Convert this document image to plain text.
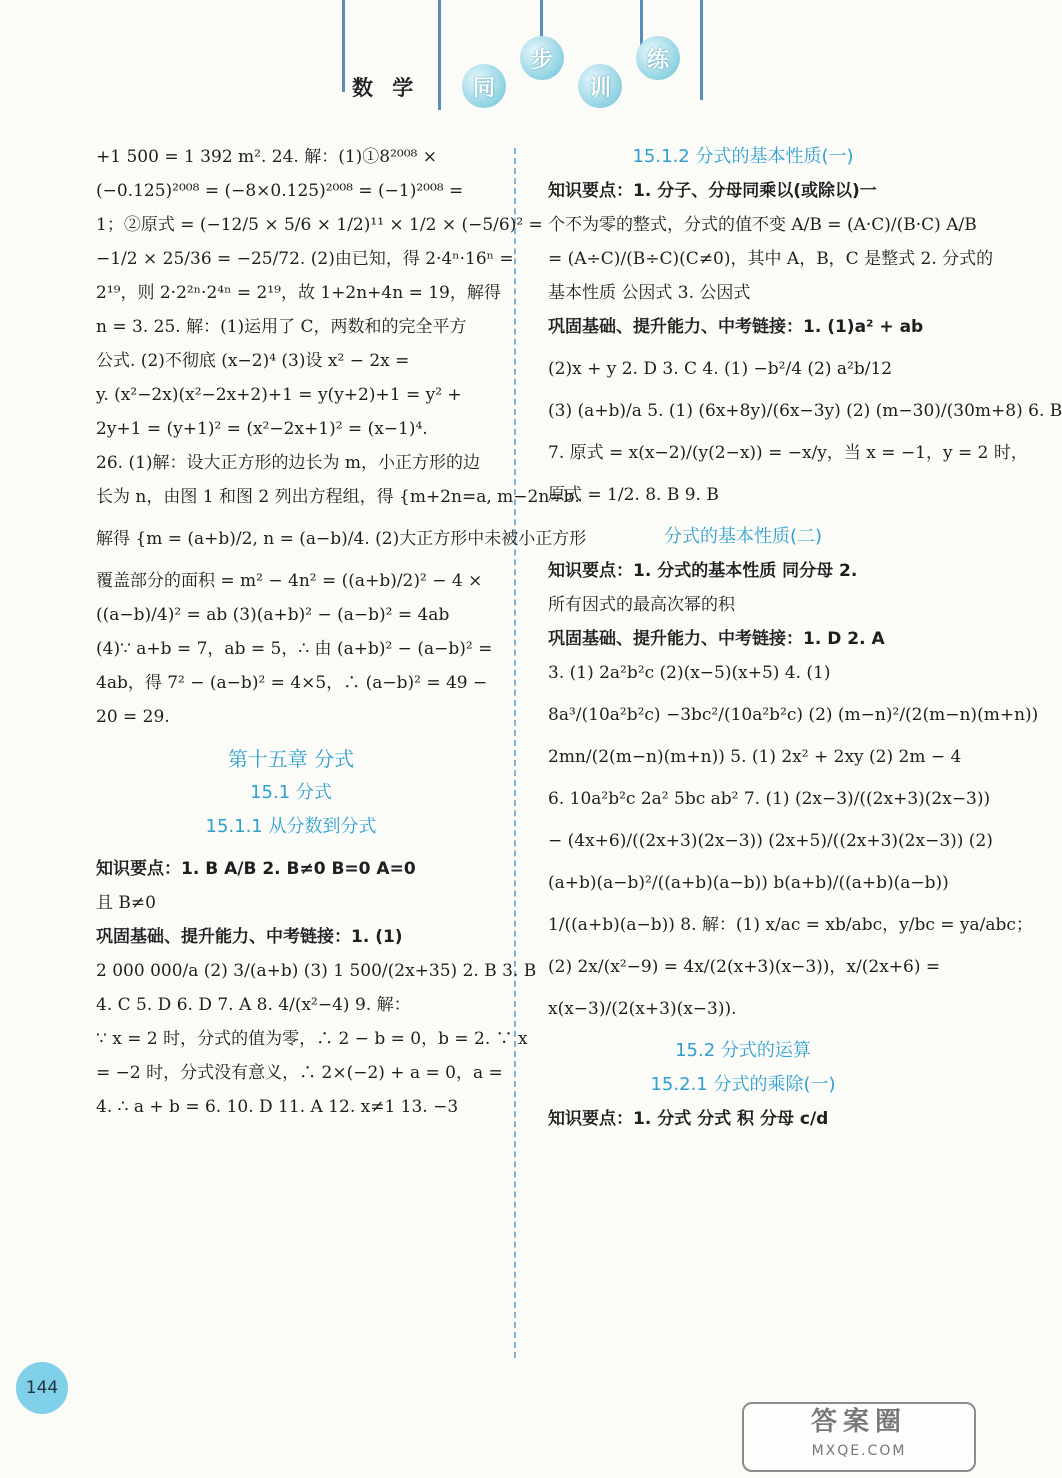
数 学	同
步
训
练

+1 500 = 1 392 m². 24. 解：(1)①8²⁰⁰⁸ ×

(−0.125)²⁰⁰⁸ = (−8×0.125)²⁰⁰⁸ = (−1)²⁰⁰⁸ =

1；②原式 = (−12/5 × 5/6 × 1/2)¹¹ × 1/2 × (−5/6)² =

−1/2 × 25/36 = −25/72. (2)由已知，得 2·4ⁿ·16ⁿ =

2¹⁹，则 2·2²ⁿ·2⁴ⁿ = 2¹⁹，故 1+2n+4n = 19，解得

n = 3. 25. 解：(1)运用了 C，两数和的完全平方

公式. (2)不彻底 (x−2)⁴ (3)设 x² − 2x =

y. (x²−2x)(x²−2x+2)+1 = y(y+2)+1 = y² +

2y+1 = (y+1)² = (x²−2x+1)² = (x−1)⁴.

26. (1)解：设大正方形的边长为 m，小正方形的边

长为 n，由图 1 和图 2 列出方程组，得 {m+2n=a, m−2n=b.

解得 {m = (a+b)/2, n = (a−b)/4. (2)大正方形中未被小正方形

覆盖部分的面积 = m² − 4n² = ((a+b)/2)² − 4 ×

((a−b)/4)² = ab (3)(a+b)² − (a−b)² = 4ab

(4)∵ a+b = 7，ab = 5，∴ 由 (a+b)² − (a−b)² =

4ab，得 7² − (a−b)² = 4×5，∴ (a−b)² = 49 −

20 = 29.

第十五章 分式

15.1 分式

15.1.1 从分数到分式

知识要点：1. B A/B 2. B≠0 B=0 A=0

且 B≠0

巩固基础、提升能力、中考链接：1. (1)

2 000 000/a (2) 3/(a+b) (3) 1 500/(2x+35) 2. B 3. B

4. C 5. D 6. D 7. A 8. 4/(x²−4) 9. 解：

∵ x = 2 时，分式的值为零，∴ 2 − b = 0，b = 2. ∵ x

= −2 时，分式没有意义，∴ 2×(−2) + a = 0，a =

4. ∴ a + b = 6. 10. D 11. A 12. x≠1 13. −3

15.1.2 分式的基本性质(一)

知识要点：1. 分子、分母同乘以(或除以)一

个不为零的整式，分式的值不变 A/B = (A·C)/(B·C) A/B

= (A÷C)/(B÷C)(C≠0)，其中 A，B，C 是整式 2. 分式的

基本性质 公因式 3. 公因式

巩固基础、提升能力、中考链接：1. (1)a² + ab

(2)x + y 2. D 3. C 4. (1) −b²/4 (2) a²b/12

(3) (a+b)/a 5. (1) (6x+8y)/(6x−3y) (2) (m−30)/(30m+8) 6. B

7. 原式 = x(x−2)/(y(2−x)) = −x/y，当 x = −1，y = 2 时，

原式 = 1/2. 8. B 9. B

分式的基本性质(二)

知识要点：1. 分式的基本性质 同分母 2.

所有因式的最高次幂的积

巩固基础、提升能力、中考链接：1. D 2. A

3. (1) 2a²b²c (2)(x−5)(x+5) 4. (1)

8a³/(10a²b²c) −3bc²/(10a²b²c) (2) (m−n)²/(2(m−n)(m+n))

2mn/(2(m−n)(m+n)) 5. (1) 2x² + 2xy (2) 2m − 4

6. 10a²b²c 2a² 5bc ab² 7. (1) (2x−3)/((2x+3)(2x−3))

− (4x+6)/((2x+3)(2x−3)) (2x+5)/((2x+3)(2x−3)) (2)

(a+b)(a−b)²/((a+b)(a−b)) b(a+b)/((a+b)(a−b))

1/((a+b)(a−b)) 8. 解：(1) x/ac = xb/abc，y/bc = ya/abc；

(2) 2x/(x²−9) = 4x/(2(x+3)(x−3))，x/(2x+6) =

x(x−3)/(2(x+3)(x−3)).

15.2 分式的运算

15.2.1 分式的乘除(一)

知识要点：1. 分式 分式 积 分母 c/d

144
答案圈
MXQE.COM
